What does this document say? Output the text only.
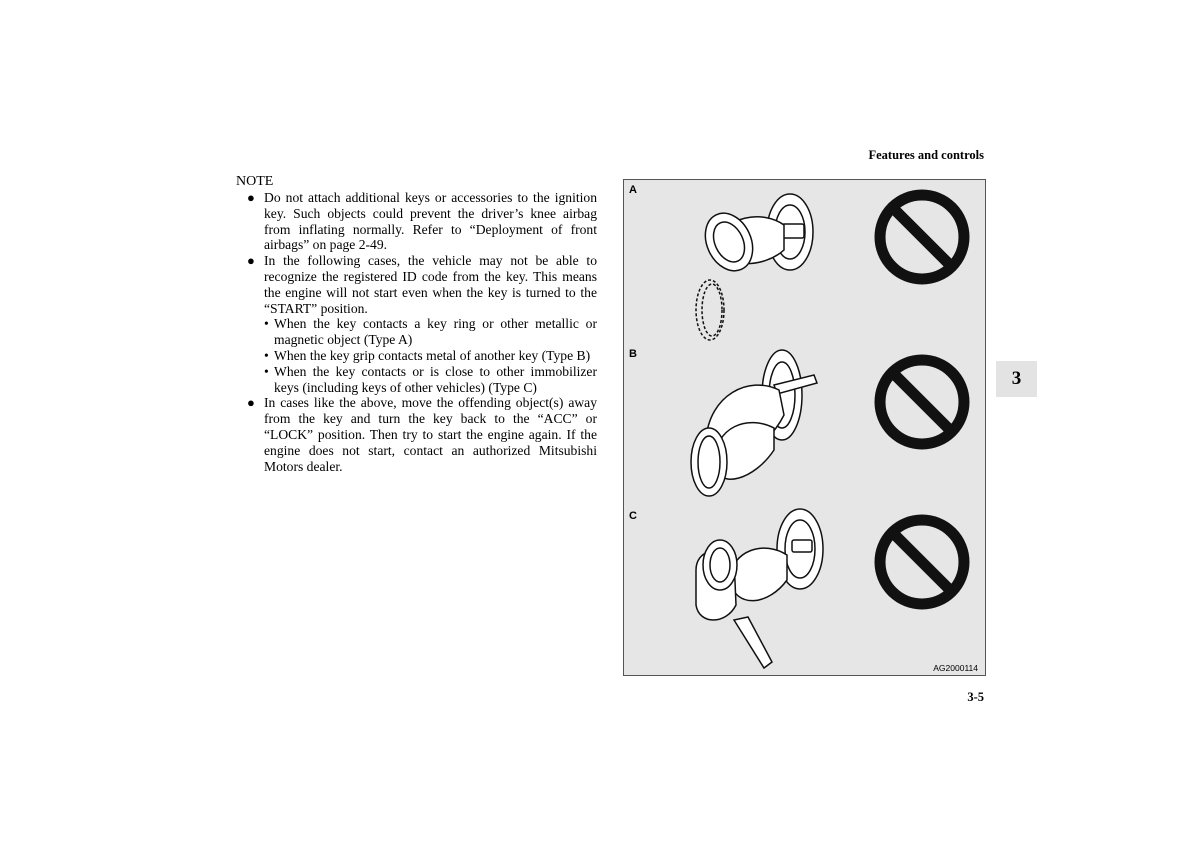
Features and controls

NOTE

● Do not attach additional keys or accessories to the ignition key. Such objects could prevent the driver’s knee airbag from inflating normally. Refer to “Deployment of front airbags” on page 2-49.
● In the following cases, the vehicle may not be able to recognize the registered ID code from the key. This means the engine will not start even when the key is turned to the “START” position.
• When the key contacts a key ring or other metallic or magnetic object (Type A)
• When the key grip contacts metal of another key (Type B)
• When the key contacts or is close to other immobilizer keys (including keys of other vehicles) (Type C)
● In cases like the above, move the offending object(s) away from the key and turn the key back to the “ACC” or “LOCK” position. Then try to start the engine again. If the engine does not start, contact an authorized Mitsubishi Motors dealer.
A
B
C
AG2000114
3
3-5
